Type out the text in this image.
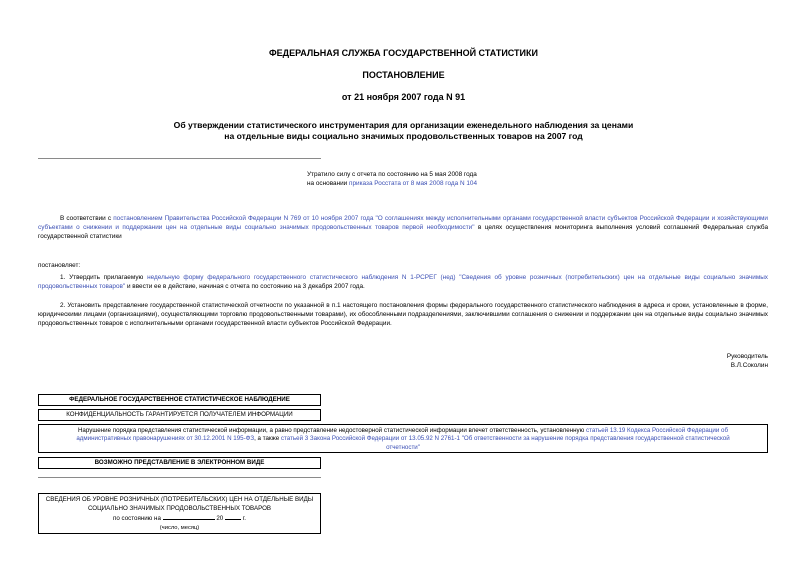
ФЕДЕРАЛЬНАЯ СЛУЖБА ГОСУДАРСТВЕННОЙ СТАТИСТИКИ
ПОСТАНОВЛЕНИЕ
от 21 ноября 2007 года N 91
Об утверждении статистического инструментария для организации еженедельного наблюдения за ценами
на отдельные виды социально значимых продовольственных товаров на 2007 год
Утратило силу с отчета по состоянию на 5 мая 2008 года
на основании приказа Росстата от 8 мая 2008 года N 104
В соответствии с постановлением Правительства Российской Федерации N 769 от 10 ноября 2007 года "О соглашениях между исполнительными органами государственной власти субъектов Российской Федерации и хозяйствующими субъектами о снижении и поддержании цен на отдельные виды социально значимых продовольственных товаров первой необходимости" в целях осуществления мониторинга выполнения условий соглашений Федеральная служба государственной статистики
постановляет:
1. Утвердить прилагаемую недельную форму федерального государственного статистического наблюдения N 1-РСРЕГ (нед) "Сведения об уровне розничных (потребительских) цен на отдельные виды социально значимых продовольственных товаров" и ввести ее в действие, начиная с отчета по состоянию на 3 декабря 2007 года.
2. Установить представление государственной статистической отчетности по указанной в п.1 настоящего постановления формы федерального государственного статистического наблюдения в адреса и сроки, установленные в форме, юридическими лицами (организациями), осуществляющими торговлю продовольственными товарами), их обособленными подразделениями, заключившими соглашения о снижении и поддержании цен на отдельные виды социально значимых продовольственных товаров с исполнительными органами государственной власти субъектов Российской Федерации.
Руководитель
В.Л.Соколин
ФЕДЕРАЛЬНОЕ ГОСУДАРСТВЕННОЕ СТАТИСТИЧЕСКОЕ НАБЛЮДЕНИЕ
КОНФИДЕНЦИАЛЬНОСТЬ ГАРАНТИРУЕТСЯ ПОЛУЧАТЕЛЕМ ИНФОРМАЦИИ
Нарушение порядка представления статистической информации, а равно представление недостоверной статистической информации влечет ответственность, установленную статьей 13.19 Кодекса Российской Федерации об административных правонарушениях от 30.12.2001 N 195-ФЗ, а также статьей 3 Закона Российской Федерации от 13.05.92 N 2761-1 "Об ответственности за нарушение порядка представления государственной статистической отчетности"
ВОЗМОЖНО ПРЕДСТАВЛЕНИЕ В ЭЛЕКТРОННОМ ВИДЕ
СВЕДЕНИЯ ОБ УРОВНЕ РОЗНИЧНЫХ (ПОТРЕБИТЕЛЬСКИХ) ЦЕН НА ОТДЕЛЬНЫЕ ВИДЫ
СОЦИАЛЬНО ЗНАЧИМЫХ ПРОДОВОЛЬСТВЕННЫХ ТОВАРОВ
по состоянию на	20	г.
(число, месяц)
